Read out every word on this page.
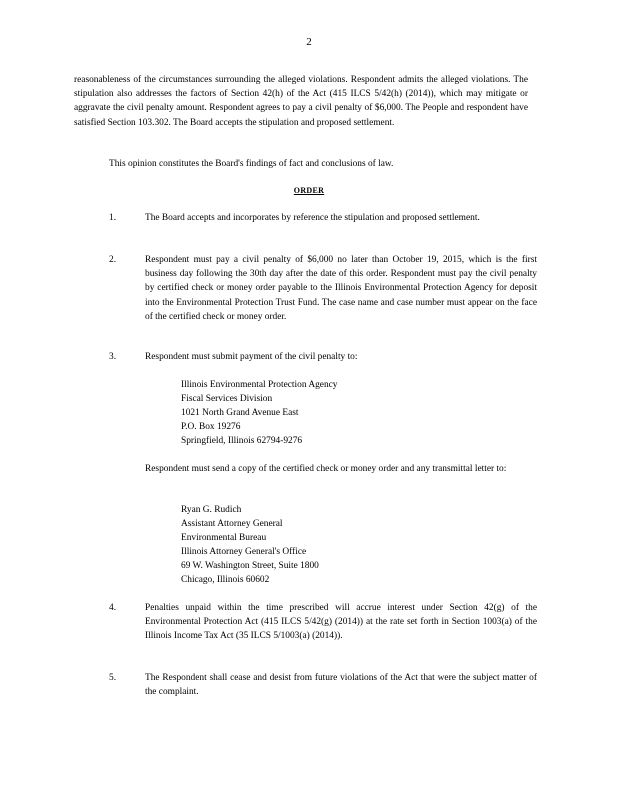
2

reasonableness of the circumstances surrounding the alleged violations. Respondent admits the alleged violations. The stipulation also addresses the factors of Section 42(h) of the Act (415 ILCS 5/42(h) (2014)), which may mitigate or aggravate the civil penalty amount. Respondent agrees to pay a civil penalty of $6,000. The People and respondent have satisfied Section 103.302. The Board accepts the stipulation and proposed settlement.

This opinion constitutes the Board's findings of fact and conclusions of law.

ORDER
1.	The Board accepts and incorporates by reference the stipulation and proposed settlement.
2.	Respondent must pay a civil penalty of $6,000 no later than October 19, 2015, which is the first business day following the 30th day after the date of this order. Respondent must pay the civil penalty by certified check or money order payable to the Illinois Environmental Protection Agency for deposit into the Environmental Protection Trust Fund. The case name and case number must appear on the face of the certified check or money order.
3.	Respondent must submit payment of the civil penalty to:
Illinois Environmental Protection Agency
Fiscal Services Division
1021 North Grand Avenue East
P.O. Box 19276
Springfield, Illinois 62794-9276
Respondent must send a copy of the certified check or money order and any transmittal letter to:
Ryan G. Rudich
Assistant Attorney General
Environmental Bureau
Illinois Attorney General's Office
69 W. Washington Street, Suite 1800
Chicago, Illinois 60602
4.	Penalties unpaid within the time prescribed will accrue interest under Section 42(g) of the Environmental Protection Act (415 ILCS 5/42(g) (2014)) at the rate set forth in Section 1003(a) of the Illinois Income Tax Act (35 ILCS 5/1003(a) (2014)).
5.	The Respondent shall cease and desist from future violations of the Act that were the subject matter of the complaint.
